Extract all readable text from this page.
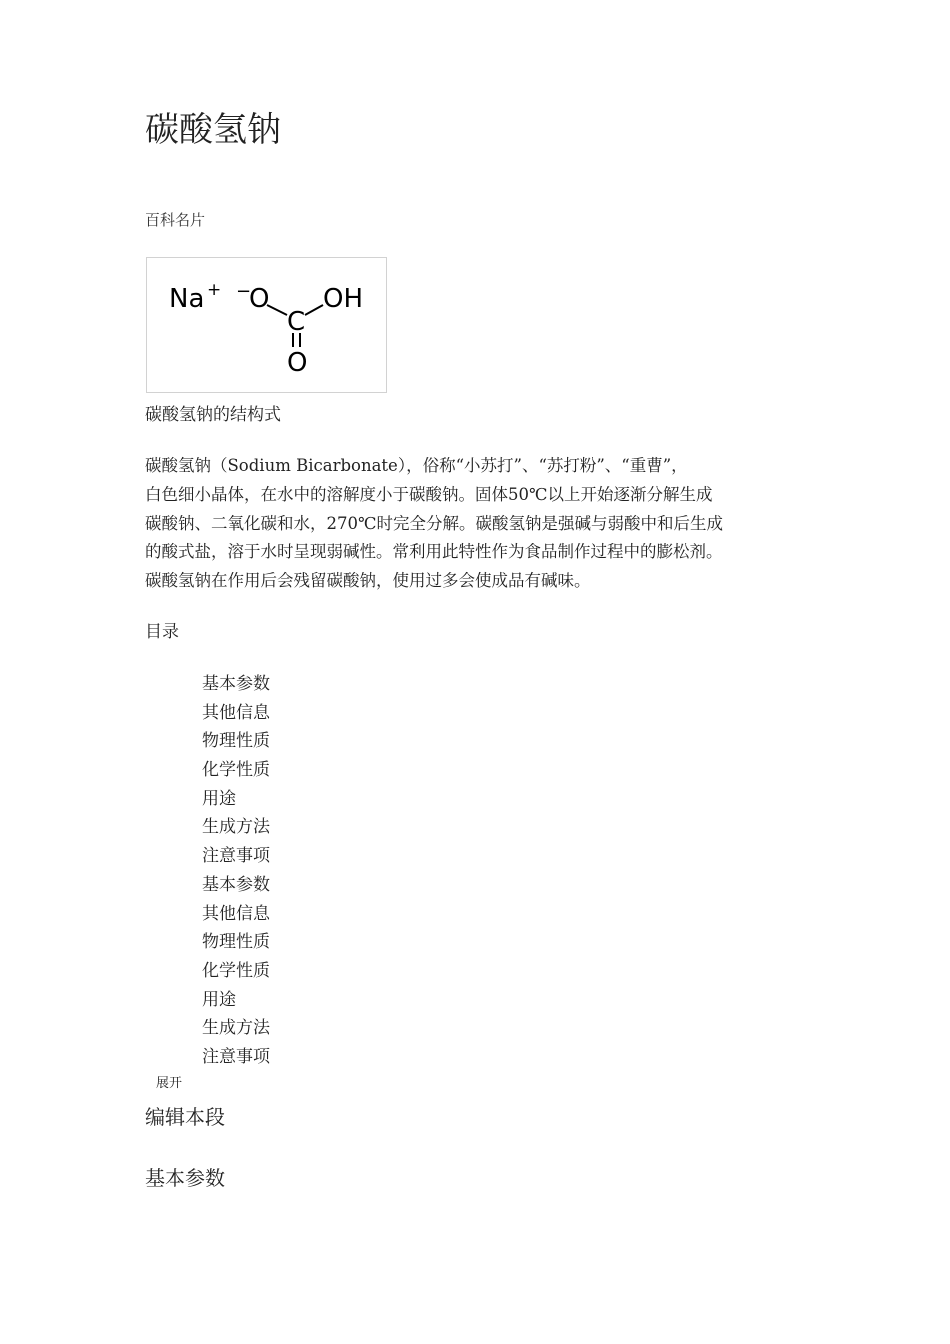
碳酸氢钠
百科名片
Na + −
O
C
OH
O
碳酸氢钠的结构式
碳酸氢钠（Sodium Bicarbonate），俗称“小苏打”、“苏打粉”、“重曹”，
白色细小晶体，在水中的溶解度小于碳酸钠。固体50℃以上开始逐渐分解生成
碳酸钠、二氧化碳和水，270℃时完全分解。碳酸氢钠是强碱与弱酸中和后生成
的酸式盐，溶于水时呈现弱碱性。常利用此特性作为食品制作过程中的膨松剂。
碳酸氢钠在作用后会残留碳酸钠，使用过多会使成品有碱味。
目录
基本参数
其他信息
物理性质
化学性质
用途
生成方法
注意事项
基本参数
其他信息
物理性质
化学性质
用途
生成方法
注意事项
展开
编辑本段
基本参数
